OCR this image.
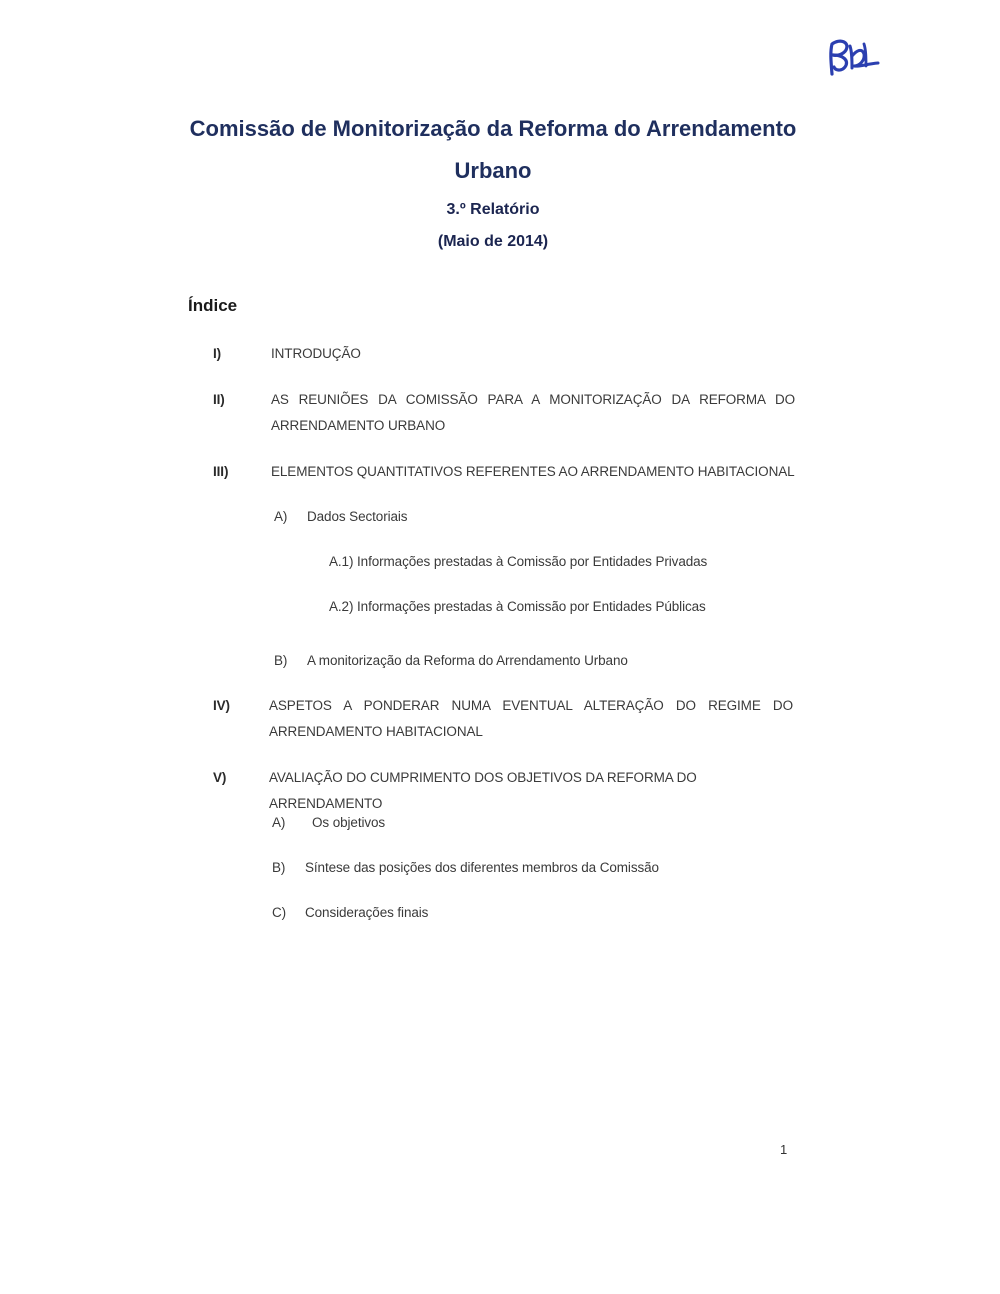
Comissão de Monitorização da Reforma do Arrendamento
Urbano

3.º Relatório

(Maio de 2014)

Índice
I)	INTRODUÇÃO
II)	AS REUNIÕES DA COMISSÃO PARA A MONITORIZAÇÃO DA REFORMA DO ARRENDAMENTO URBANO
III)	ELEMENTOS QUANTITATIVOS REFERENTES AO ARRENDAMENTO HABITACIONAL
A) Dados Sectoriais
A.1) Informações prestadas à Comissão por Entidades Privadas
A.2) Informações prestadas à Comissão por Entidades Públicas
B) A monitorização da Reforma do Arrendamento Urbano
IV)	ASPETOS A PONDERAR NUMA EVENTUAL ALTERAÇÃO DO REGIME DO ARRENDAMENTO HABITACIONAL
V)	AVALIAÇÃO DO CUMPRIMENTO DOS OBJETIVOS DA REFORMA DO ARRENDAMENTO
A) Os objetivos
B) Síntese das posições dos diferentes membros da Comissão
C) Considerações finais
1
